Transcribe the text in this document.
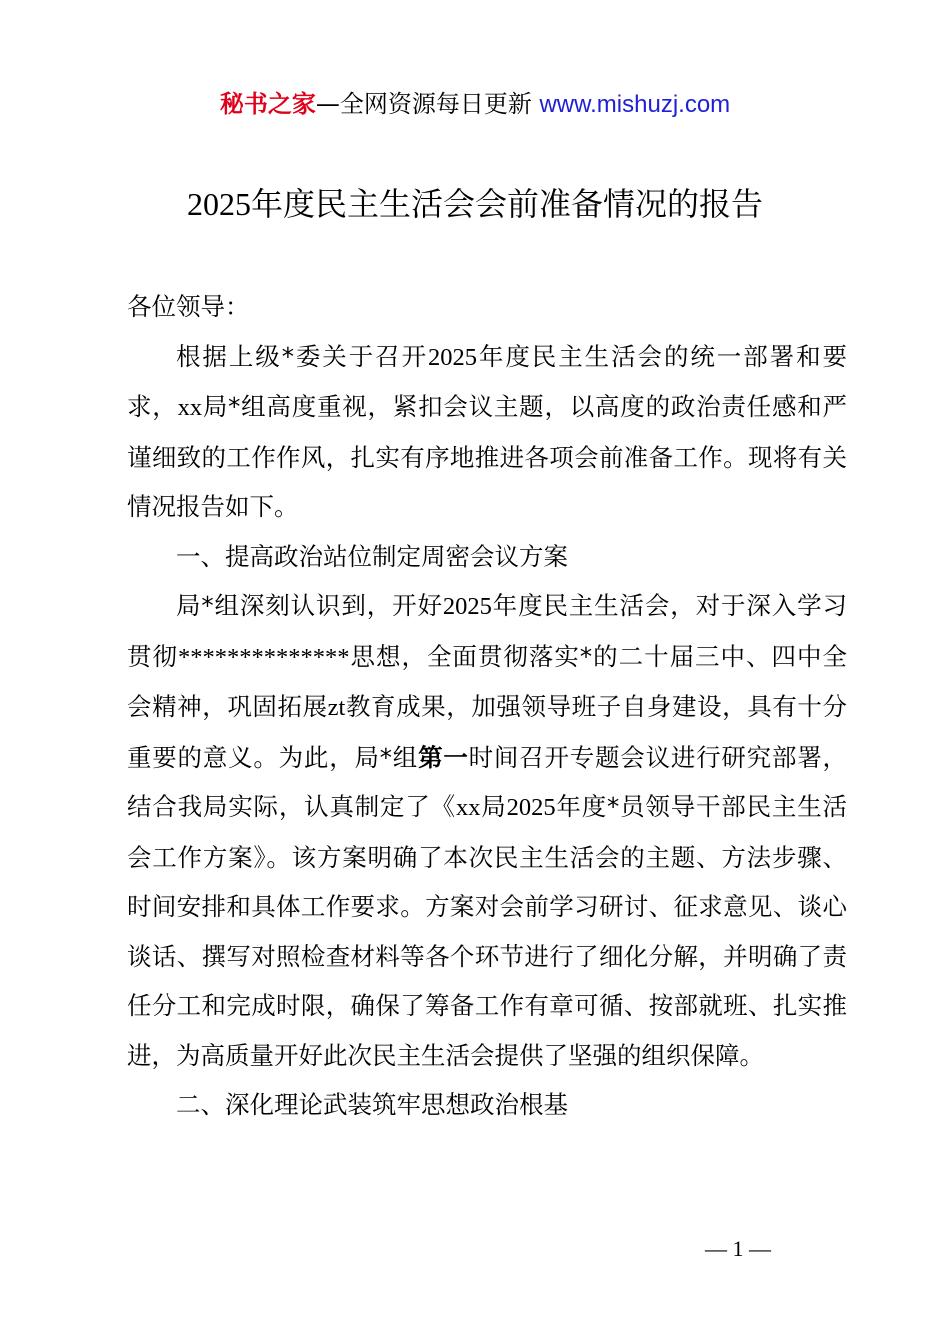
秘书之家—全网资源每日更新 www.mishuzj.com
2025年度民主生活会会前准备情况的报告

各位领导：

根据上级*委关于召开2025年度民主生活会的统一部署和要求，xx局*组高度重视，紧扣会议主题，以高度的政治责任感和严谨细致的工作作风，扎实有序地推进各项会前准备工作。现将有关情况报告如下。

一、提高政治站位制定周密会议方案

局*组深刻认识到，开好2025年度民主生活会，对于深入学习贯彻**************思想，全面贯彻落实*的二十届三中、四中全会精神，巩固拓展zt教育成果，加强领导班子自身建设，具有十分重要的意义。为此，局*组第一时间召开专题会议进行研究部署，结合我局实际，认真制定了《xx局2025年度*员领导干部民主生活会工作方案》。该方案明确了本次民主生活会的主题、方法步骤、时间安排和具体工作要求。方案对会前学习研讨、征求意见、谈心谈话、撰写对照检查材料等各个环节进行了细化分解，并明确了责任分工和完成时限，确保了筹备工作有章可循、按部就班、扎实推进，为高质量开好此次民主生活会提供了坚强的组织保障。

二、深化理论武装筑牢思想政治根基

— 1 —
